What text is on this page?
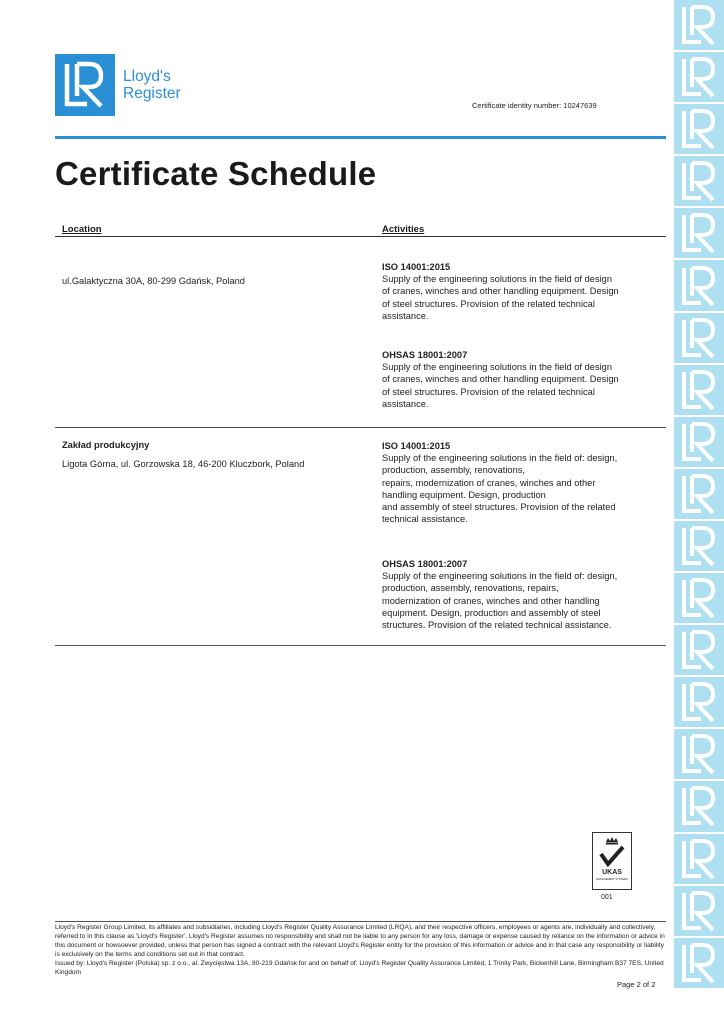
Lloyd's
Register
Certificate identity number: 10247639
Certificate Schedule
Location	Activities
ul.Galaktyczna 30A, 80-299 Gdańsk, Poland
ISO 14001:2015
Supply of the engineering solutions in the field of design
of cranes, winches and other handling equipment. Design
of steel structures. Provision of the related technical
assistance.
OHSAS 18001:2007
Supply of the engineering solutions in the field of design
of cranes, winches and other handling equipment. Design
of steel structures. Provision of the related technical
assistance.
Zakład produkcyjny
Ligota Górna, ul. Gorzowska 18, 46-200 Kluczbork, Poland
ISO 14001:2015
Supply of the engineering solutions in the field of: design,
production, assembly, renovations,
repairs, modernization of cranes, winches and other
handling equipment. Design, production
and assembly of steel structures. Provision of the related
technical assistance.
OHSAS 18001:2007
Supply of the engineering solutions in the field of: design,
production, assembly, renovations, repairs,
modernization of cranes, winches and other handling
equipment. Design, production and assembly of steel
structures. Provision of the related technical assistance.
UKAS
MANAGEMENT SYSTEMS
001

Lloyd's Register Group Limited, its affiliates and subsidiaries, including Lloyd's Register Quality Assurance Limited (LRQA), and their respective officers, employees or agents are, individually and collectively, referred to in this clause as 'Lloyd's Register'. Lloyd's Register assumes no responsibility and shall not be liable to any person for any loss, damage or expense caused by reliance on the information or advice in this document or howsoever provided, unless that person has signed a contract with the relevant Lloyd's Register entity for the provision of this information or advice and in that case any responsibility or liability is exclusively on the terms and conditions set out in that contract.

Issued by: Lloyd's Register (Polska) sp. z o.o., al. Zwycięstwa 13A, 80-219 Gdańsk for and on behalf of: Lloyd's Register Quality Assurance Limited, 1 Trinity Park, Bickenhill Lane, Birmingham B37 7ES, United Kingdom

Page 2 of 2
